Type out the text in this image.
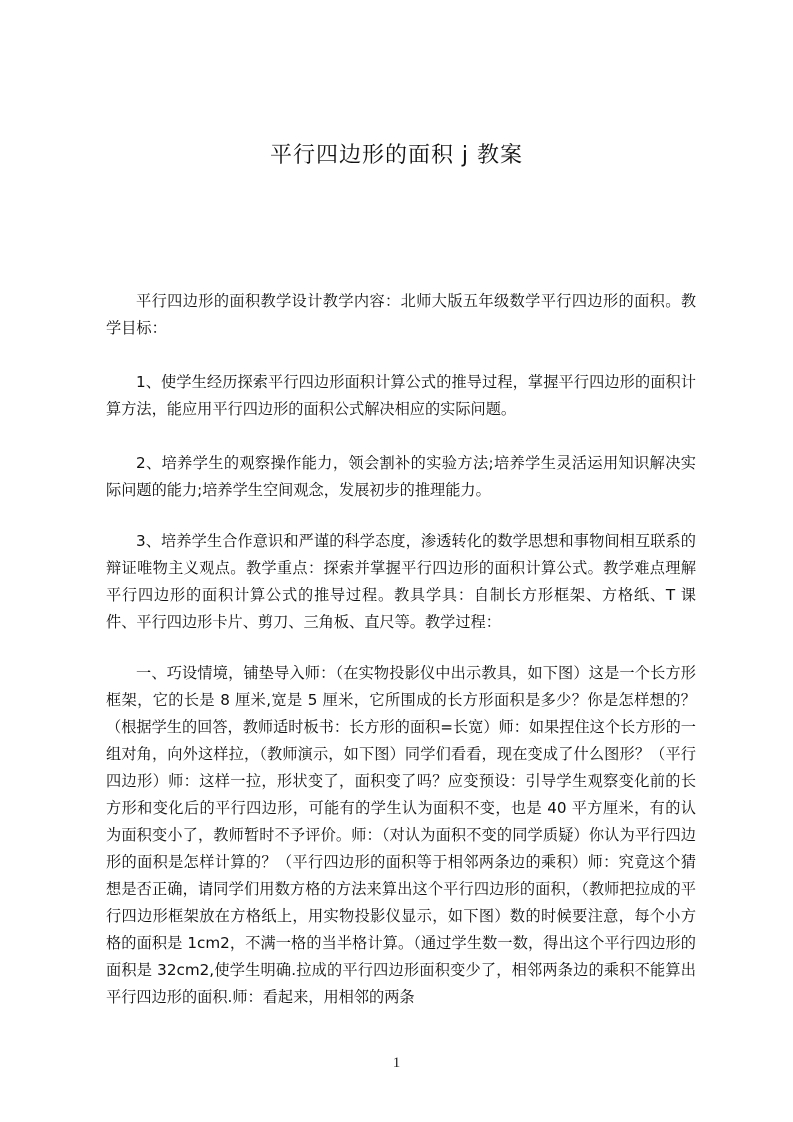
平行四边形的面积 j 教案

平行四边形的面积教学设计教学内容：北师大版五年级数学平行四边形的面积。教学目标：

1、使学生经历探索平行四边形面积计算公式的推导过程，掌握平行四边形的面积计算方法，能应用平行四边形的面积公式解决相应的实际问题。

2、培养学生的观察操作能力，领会割补的实验方法;培养学生灵活运用知识解决实际问题的能力;培养学生空间观念，发展初步的推理能力。

3、培养学生合作意识和严谨的科学态度，渗透转化的数学思想和事物间相互联系的辩证唯物主义观点。教学重点：探索并掌握平行四边形的面积计算公式。教学难点理解平行四边形的面积计算公式的推导过程。教具学具：自制长方形框架、方格纸、T 课件、平行四边形卡片、剪刀、三角板、直尺等。教学过程：

一、巧设情境，铺垫导入师：（在实物投影仪中出示教具，如下图）这是一个长方形框架，它的长是 8 厘米,宽是 5 厘米，它所围成的长方形面积是多少？你是怎样想的？（根据学生的回答，教师适时板书：长方形的面积=长宽）师：如果捏住这个长方形的一组对角，向外这样拉，（教师演示，如下图）同学们看看，现在变成了什么图形？（平行四边形）师：这样一拉，形状变了，面积变了吗？应变预设：引导学生观察变化前的长方形和变化后的平行四边形，可能有的学生认为面积不变，也是 40 平方厘米，有的认为面积变小了，教师暂时不予评价。师：（对认为面积不变的同学质疑）你认为平行四边形的面积是怎样计算的？（平行四边形的面积等于相邻两条边的乘积）师：究竟这个猜想是否正确，请同学们用数方格的方法来算出这个平行四边形的面积，（教师把拉成的平行四边形框架放在方格纸上，用实物投影仪显示，如下图）数的时候要注意，每个小方格的面积是 1cm2，不满一格的当半格计算。（通过学生数一数，得出这个平行四边形的面积是 32cm2,使学生明确.拉成的平行四边形面积变少了，相邻两条边的乘积不能算出平行四边形的面积.师：看起来，用相邻的两条

1
